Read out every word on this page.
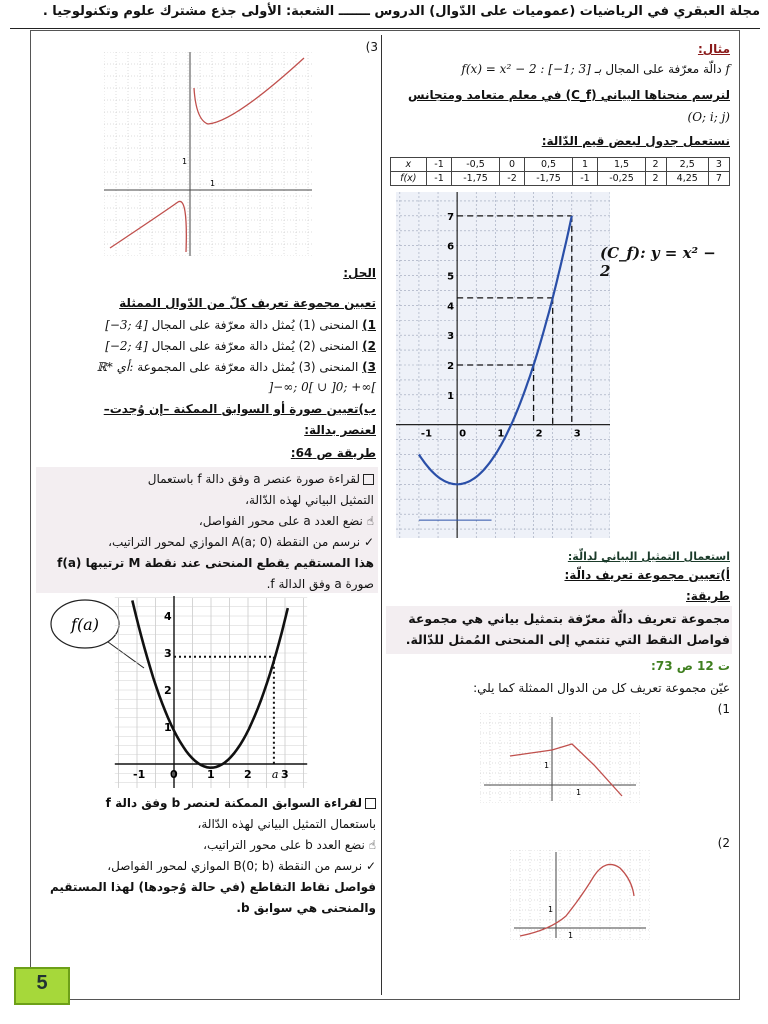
مجلة العبقري في الرياضيات (عموميات على الدّوال) الدروس ـــــــ الشعبة: الأولى جذع مشترك علوم وتكنولوجيا .
مثال:
f دالّة معرّفة على المجال [−1; 3] بـ f(x) = x² − 2 :
لنرسم منحناها البياني (C_f) في معلم متعامد ومتجانس
(O; i; j)
نستعمل جدول لبعض قيم الدّالة:
x	-1	-0,5	0	0,5	1	1,5	2	2,5	3
f(x)	-1	-1,75	-2	-1,75	-1	-0,25	2	4,25	7
-1	0	1	2	3
1
2
3
4
5
6
7
(C_f): y = x² − 2
استعمال التمثيل البياني لدالّة:
أ)تعيين مجموعة تعريف دالّة:
طريقة:
مجموعة تعريف دالّة معرّفة بتمثيل بياني هي مجموعة
فواصل النقط التي تنتمي إلى المنحنى المُمثل للدّالة.
ت 12 ص 73:
عيّن مجموعة تعريف كل من الدوال الممثلة كما يلي:
(1
(2
1
1
1
1
(3
1
1
الحل:
تعيين مجموعة تعريف كلّ من الدّوال الممثلة
1) المنحنى (1) يُمثل دالة معرّفة على المجال [−3; 4]
2) المنحنى (2) يُمثل دالة معرّفة على المجال [−2; 4]
3) المنحنى (3) يُمثل دالة معرّفة على المجموعة ℝ* أي:
]−∞; 0[ ∪ ]0; +∞[
ب)تعيين صورة أو السوابق الممكنة –إن وُجدت–
لعنصر بدالة:
طريقة ص 64:
لقراءة صورة عنصر a وفق دالة f باستعمال
التمثيل البياني لهذه الدّالة،
☝ نضع العدد a على محور الفواصل،
✓ نرسم من النقطة A(a; 0) الموازي لمحور التراتيب،
هذا المستقيم يقطع المنحنى عند نقطة M ترتيبها f(a)
صورة a وفق الدالة f.
f(a)
-1 0	1	2	3
1
2
3
4
a
لقراءة السوابق الممكنة لعنصر b وفق دالة f
باستعمال التمثيل البياني لهذه الدّالة،
☝ نضع العدد b على محور التراتيب،
✓ نرسم من النقطة B(0; b) الموازي لمحور الفواصل،
فواصل نقاط التقاطع (في حالة وُجودها) لهذا المستقيم
والمنحنى هي سوابق b.
5
